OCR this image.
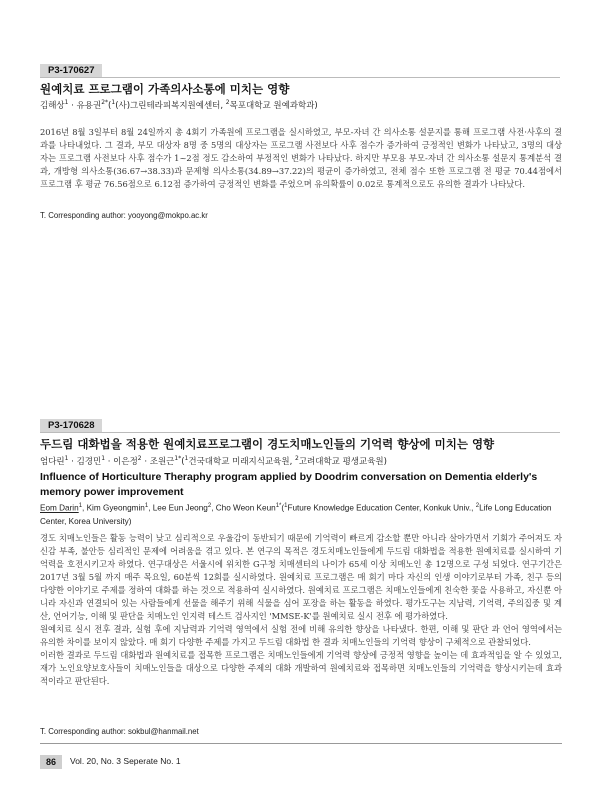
P3-170627
원예치료 프로그램이 가족의사소통에 미치는 영향
김해상$^1$ · 유용권$^{2*}$($^1$(사)그린테라피복지원예센터, $^2$목포대학교 원예과학과)

2016년 8월 3일부터 8월 24일까지 총 4회기 가족원에 프로그램을 실시하였고, 부모-자녀 간 의사소통 설문지를 통해 프로그램 사전·사후의 결과를 나타내었다. 그 결과, 부모 대상자 8명 중 5명의 대상자는 프로그램 사전보다 사후 점수가 증가하여 긍정적인 변화가 나타났고, 3명의 대상자는 프로그램 사전보다 사후 점수가 1~2점 정도 감소하여 부정적인 변화가 나타났다. 하지만 부모용 부모-자녀 간 의사소통 설문지 통계분석 결과, 개방형 의사소통(36.67→38.33)과 문제형 의사소통(34.89→37.22)의 평균이 증가하였고, 전체 점수 또한 프로그램 전 평균 70.44점에서 프로그램 후 평균 76.56점으로 6.12점 증가하여 긍정적인 변화를 주었으며 유의확률이 0.02로 통계적으로도 유의한 결과가 나타났다.

T. Corresponding author: yooyong@mokpo.ac.kr
P3-170628
두드림 대화법을 적용한 원예치료프로그램이 경도치매노인들의 기억력 향상에 미치는 영향
엄다린$^1$ · 김경민$^1$ · 이은정$^2$ · 조원근$^{1*}$($^1$건국대학교 미래지식교육원, $^2$고려대학교 평생교육원)
Influence of Horticulture Theraphy program applied by Doodrim conversation on Dementia elderly's memory power improvement
Eom Darin$^1$, Kim Gyeongmin$^1$, Lee Eun Jeong$^2$, Cho Weon Keun$^{1*}$($^1$Future Knowledge Education Center, Konkuk Univ., $^2$Life Long Education Center, Korea University)

경도 치매노인들은 활동 능력이 낮고 심리적으로 우울감이 동반되기 때문에 기억력이 빠르게 감소할 뿐만 아니라 살아가면서 기회가 주어져도 자신감 부족, 불안등 심리적인 문제에 어려움을 겪고 있다. 본 연구의 목적은 경도치매노인들에게 두드림 대화법을 적용한 원예치료를 실시하여 기억력을 호전시키고자 하였다. 연구대상은 서울시에 위치한 G구청 치매센터의 나이가 65세 이상 치매노인 총 12명으로 구성 되었다. 연구기간은 2017년 3월 5월 까지 매주 목요일, 60분씩 12회를 실시하였다. 원예치료 프로그램은 매 회기 마다 자신의 인생 이야기로부터 가족, 친구 등의 다양한 이야기로 주제를 정하여 대화를 하는 것으로 적용하여 실시하였다. 원예치료 프로그램은 치매노인들에게 친숙한 꽃을 사용하고, 자신뿐 아니라 자신과 연결되어 있는 사람들에게 선물을 해주기 위해 식물을 심어 포장을 하는 활동을 하였다. 평가도구는 지남력, 기억력, 주의집중 및 계산, 언어기능, 이해 및 판단을 치매노인 인지력 테스트 검사지인 'MMSE-K'를 원예치료 실시 전후 에 평가하였다.

원예치료 실시 전후 결과, 실험 후에 지남력과 기억력 영역에서 실험 전에 비해 유의한 향상을 나타냈다. 한편, 이해 및 판단 과 언어 영역에서는 유의한 차이를 보이지 않았다. 매 회기 다양한 주제를 가지고 두드림 대화법 한 결과 치매노인들의 기억력 향상이 구체적으로 관찰되었다.

이러한 결과로 두드림 대화법과 원예치료를 접목한 프로그램은 치매노인들에게 기억력 향상에 긍정적 영향을 높이는 데 효과적임을 알 수 있었고, 재가 노인요양보호사들이 치매노인들을 대상으로 다양한 주제의 대화 개발하여 원예치료와 접목하면 치매노인들의 기억력을 향상시키는데 효과적이라고 판단된다.

T. Corresponding author: sokbul@hanmail.net
86	Vol. 20, No. 3 Seperate No. 1
